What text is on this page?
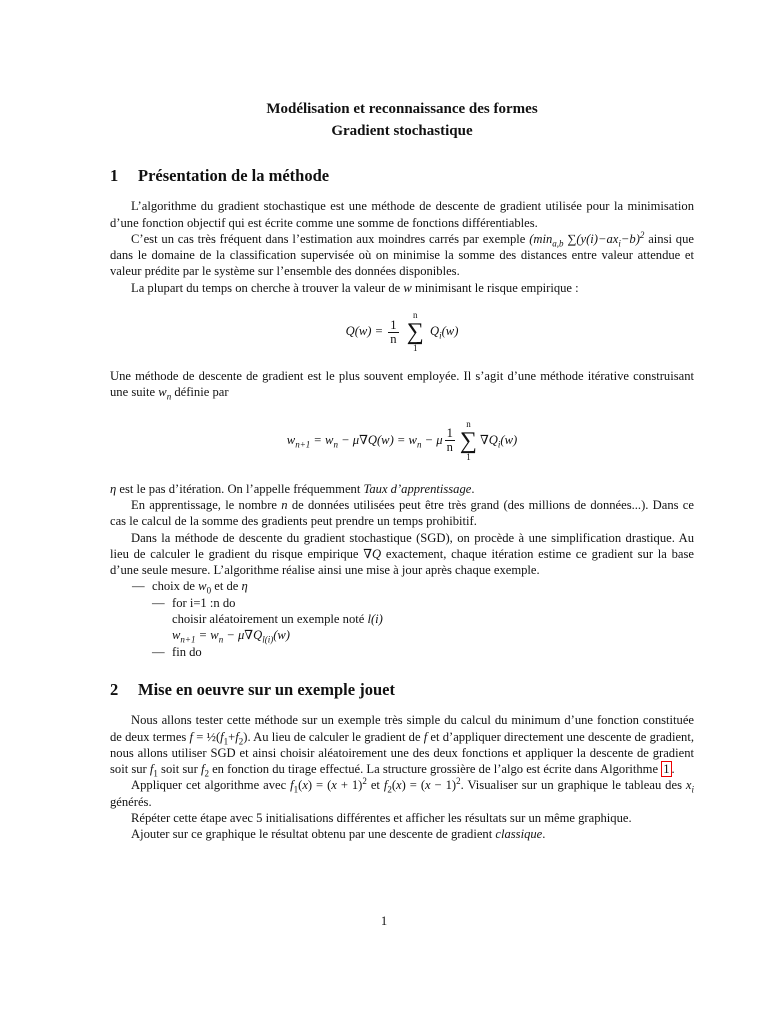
Modélisation et reconnaissance des formes
Gradient stochastique
1	Présentation de la méthode
L’algorithme du gradient stochastique est une méthode de descente de gradient utilisée pour la minimisation d’une fonction objectif qui est écrite comme une somme de fonctions différentiables.
C’est un cas très fréquent dans l’estimation aux moindres carrés par exemple ($\min_{a,b}$ $\sum(y(i)-ax_i-b)^2$ ainsi que dans le domaine de la classification supervisée où on minimise la somme des distances entre valeur attendue et valeur prédite par le système sur l’ensemble des données disponibles.
La plupart du temps on cherche à trouver la valeur de w minimisant le risque empirique :
$Q(w) = \frac{1}{n}$

n
∑
1
$Q_i(w)$
Une méthode de descente de gradient est le plus souvent employée. Il s’agit d’une méthode itérative construisant une suite $w_n$ définie par
$w_{n+1} = w_n - \mu\nabla Q(w) = w_n - \mu \frac{1}{n}$
n
∑
1
$\nabla Q_i(w)$
η est le pas d’itération. On l’appelle fréquemment Taux d’apprentissage.
En apprentissage, le nombre n de données utilisées peut être très grand (des millions de données...). Dans ce cas le calcul de la somme des gradients peut prendre un temps prohibitif.
Dans la méthode de descente du gradient stochastique (SGD), on procède à une simplification drastique. Au lieu de calculer le gradient du risque empirique ∇Q exactement, chaque itération estime ce gradient sur la base d’une seule mesure. L’algorithme réalise ainsi une mise à jour après chaque exemple.
— choix de $w_0$ et de η
— for i=1 :n do
choisir aléatoirement un exemple noté l(i)
$w_{n+1} = w_n - \mu\nabla Q_{l(i)}(w)$
— fin do
2	Mise en oeuvre sur un exemple jouet
Nous allons tester cette méthode sur un exemple très simple du calcul du minimum d’une fonction constituée de deux termes $f = \frac{1}{2}(f_1+f_2)$. Au lieu de calculer le gradient de f et d’appliquer directement une descente de gradient, nous allons utiliser SGD et ainsi choisir aléatoirement une des deux fonctions et appliquer la descente de gradient soit sur $f_1$ soit sur $f_2$ en fonction du tirage effectué. La structure grossière de l’algo est écrite dans Algorithme 1 .
Appliquer cet algorithme avec $f_1(x) = (x + 1)^2$ et $f_2(x) = (x - 1)^2$. Visualiser sur un graphique le tableau des $x_i$ générés.
Répéter cette étape avec 5 initialisations différentes et afficher les résultats sur un même graphique.
Ajouter sur ce graphique le résultat obtenu par une descente de gradient classique.
1
